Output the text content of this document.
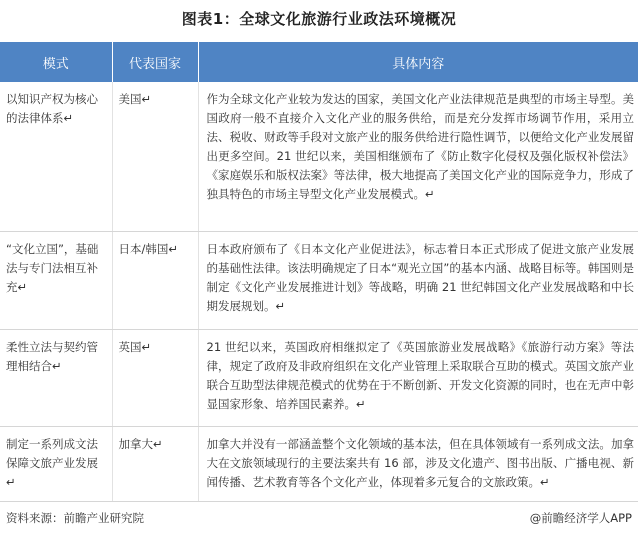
图表1：全球文化旅游行业政法环境概况
模式	代表国家	具体内容
以知识产权为核心的法律体系↵	美国↵	作为全球文化产业较为发达的国家，美国文化产业法律规范是典型的市场主导型。美国政府一般不直接介入文化产业的服务供给，而是充分发挥市场调节作用，采用立法、税收、财政等手段对文旅产业的服务供给进行隐性调节，以便给文化产业发展留出更多空间。21 世纪以来，美国相继颁布了《防止数字化侵权及强化版权补偿法》《家庭娱乐和版权法案》等法律，极大地提高了美国文化产业的国际竞争力，形成了独具特色的市场主导型文化产业发展模式。↵
“文化立国”，基础法与专门法相互补充↵	日本/韩国↵	日本政府颁布了《日本文化产业促进法》，标志着日本正式形成了促进文旅产业发展的基础性法律。该法明确规定了日本“观光立国”的基本内涵、战略目标等。韩国则是制定《文化产业发展推进计划》等战略，明确 21 世纪韩国文化产业发展战略和中长期发展规划。↵
柔性立法与契约管理相结合↵	英国↵	21 世纪以来，英国政府相继拟定了《英国旅游业发展战略》《旅游行动方案》等法律，规定了政府及非政府组织在文化产业管理上采取联合互助的模式。英国文旅产业联合互助型法律规范模式的优势在于不断创新、开发文化资源的同时，也在无声中彰显国家形象、培养国民素养。↵
制定一系列成文法保障文旅产业发展↵	加拿大↵	加拿大并没有一部涵盖整个文化领域的基本法，但在具体领域有一系列成文法。加拿大在文旅领域现行的主要法案共有 16 部，涉及文化遗产、图书出版、广播电视、新闻传播、艺术教育等各个文化产业，体现着多元复合的文旅政策。↵
资料来源：前瞻产业研究院	@前瞻经济学人APP
